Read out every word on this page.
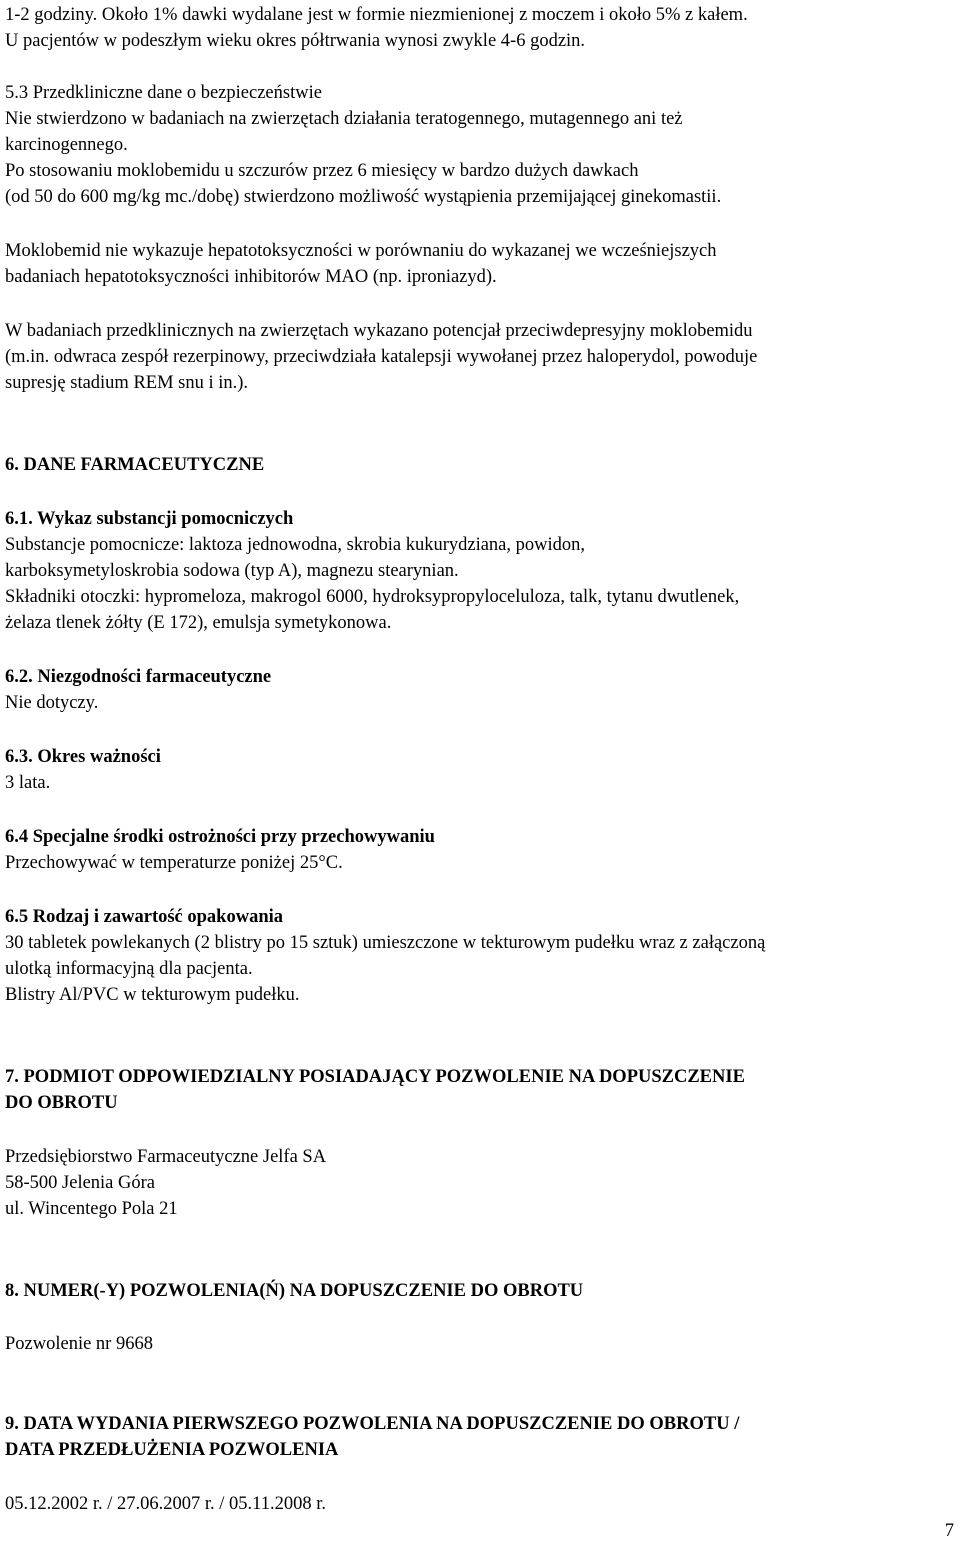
1-2 godziny. Około 1% dawki wydalane jest w formie niezmienionej z moczem i około 5% z kałem.

U pacjentów w podeszłym wieku okres półtrwania wynosi zwykle 4-6 godzin.

5.3 Przedkliniczne dane o bezpieczeństwie

Nie stwierdzono w badaniach na zwierzętach działania teratogennego, mutagennego ani też

karcinogennego.

Po stosowaniu moklobemidu u szczurów przez 6 miesięcy w bardzo dużych dawkach

(od 50 do 600 mg/kg mc./dobę) stwierdzono możliwość wystąpienia przemijającej ginekomastii.

Moklobemid nie wykazuje hepatotoksyczności w porównaniu do wykazanej we wcześniejszych

badaniach hepatotoksyczności inhibitorów MAO (np. iproniazyd).

W badaniach przedklinicznych na zwierzętach wykazano potencjał przeciwdepresyjny moklobemidu

(m.in. odwraca zespół rezerpinowy, przeciwdziała katalepsji wywołanej przez haloperydol, powoduje

supresję stadium REM snu i in.).

6. DANE FARMACEUTYCZNE

6.1. Wykaz substancji pomocniczych

Substancje pomocnicze: laktoza jednowodna, skrobia kukurydziana, powidon,

karboksymetyloskrobia sodowa (typ A), magnezu stearynian.

Składniki otoczki: hypromeloza, makrogol 6000, hydroksypropyloceluloza, talk, tytanu dwutlenek,

żelaza tlenek żółty (E 172), emulsja symetykonowa.

6.2. Niezgodności farmaceutyczne

Nie dotyczy.

6.3. Okres ważności

3 lata.

6.4 Specjalne środki ostrożności przy przechowywaniu

Przechowywać w temperaturze poniżej 25°C.

6.5 Rodzaj i zawartość opakowania

30 tabletek powlekanych (2 blistry po 15 sztuk) umieszczone w tekturowym pudełku wraz z załączoną

ulotką informacyjną dla pacjenta.

Blistry Al/PVC w tekturowym pudełku.

7. PODMIOT ODPOWIEDZIALNY POSIADAJĄCY POZWOLENIE NA DOPUSZCZENIE

DO OBROTU

Przedsiębiorstwo Farmaceutyczne Jelfa SA

58-500 Jelenia Góra

ul. Wincentego Pola 21

8. NUMER(-Y) POZWOLENIA(Ń) NA DOPUSZCZENIE DO OBROTU

Pozwolenie nr 9668

9. DATA WYDANIA PIERWSZEGO POZWOLENIA NA DOPUSZCZENIE DO OBROTU /

DATA PRZEDŁUŻENIA POZWOLENIA

05.12.2002 r. / 27.06.2007 r. / 05.11.2008 r.

7
